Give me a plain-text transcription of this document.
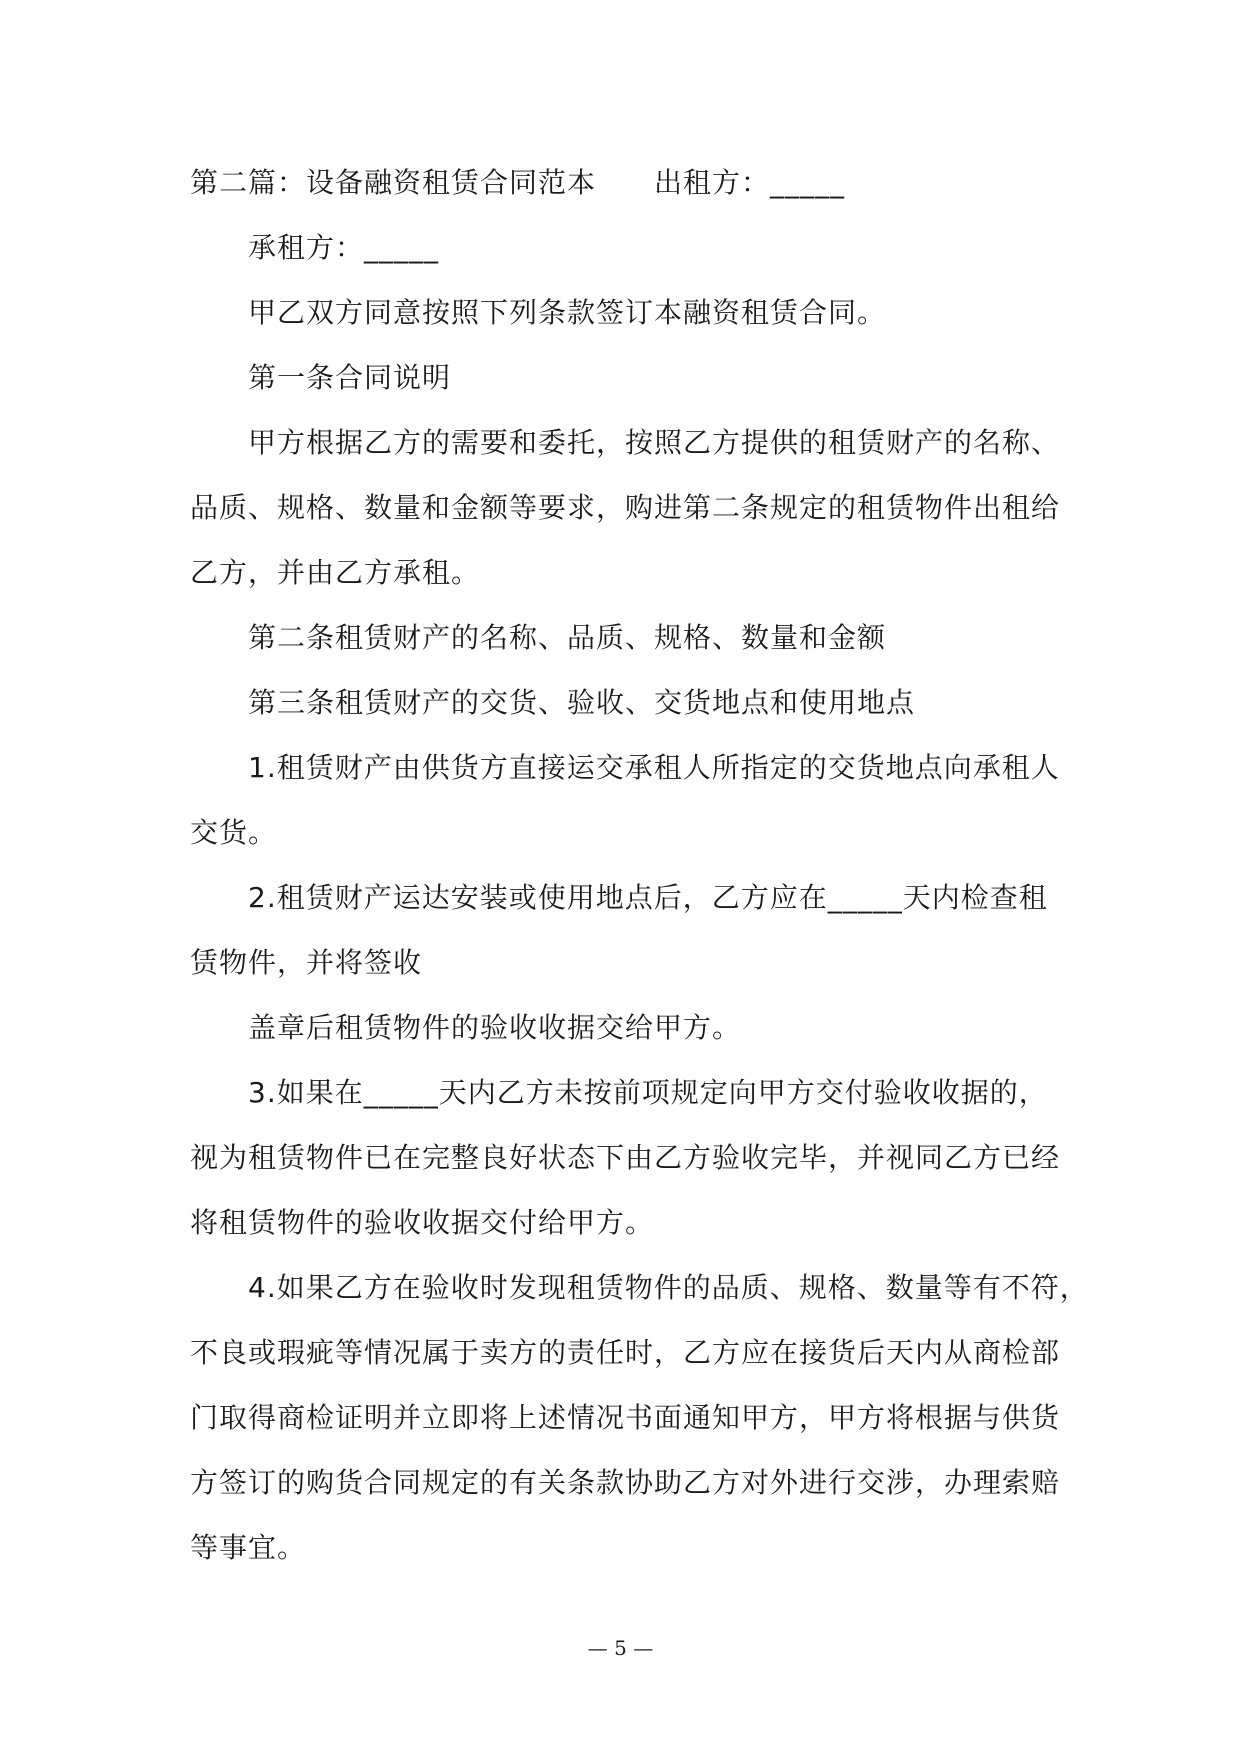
第二篇：设备融资租赁合同范本 出租方：_____
承租方：_____
甲乙双方同意按照下列条款签订本融资租赁合同。
第一条合同说明
甲方根据乙方的需要和委托，按照乙方提供的租赁财产的名称、
品质、规格、数量和金额等要求，购进第二条规定的租赁物件出租给
乙方，并由乙方承租。
第二条租赁财产的名称、品质、规格、数量和金额
第三条租赁财产的交货、验收、交货地点和使用地点
1.租赁财产由供货方直接运交承租人所指定的交货地点向承租人
交货。
2.租赁财产运达安装或使用地点后，乙方应在_____天内检查租
赁物件，并将签收
盖章后租赁物件的验收收据交给甲方。
3.如果在_____天内乙方未按前项规定向甲方交付验收收据的，
视为租赁物件已在完整良好状态下由乙方验收完毕，并视同乙方已经
将租赁物件的验收收据交付给甲方。
4.如果乙方在验收时发现租赁物件的品质、规格、数量等有不符，
不良或瑕疵等情况属于卖方的责任时，乙方应在接货后天内从商检部
门取得商检证明并立即将上述情况书面通知甲方，甲方将根据与供货
方签订的购货合同规定的有关条款协助乙方对外进行交涉，办理索赔
等事宜。
— 5 —
